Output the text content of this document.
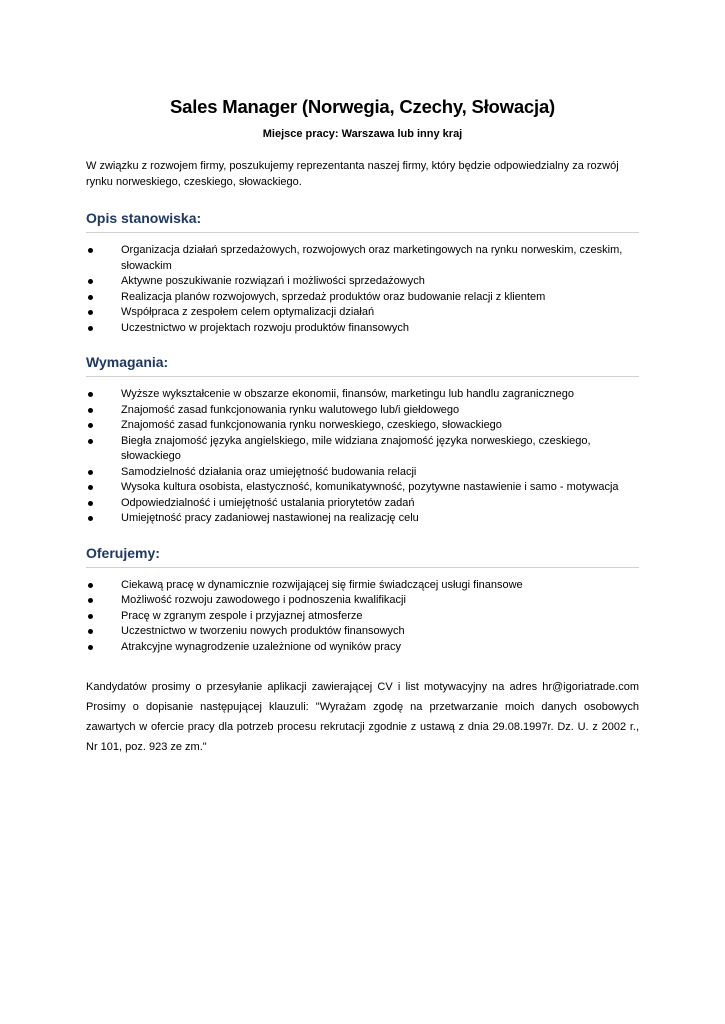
Sales Manager (Norwegia, Czechy, Słowacja)
Miejsce pracy: Warszawa lub inny kraj

W związku z rozwojem firmy, poszukujemy reprezentanta naszej firmy, który będzie odpowiedzialny za rozwój rynku norweskiego, czeskiego, słowackiego.

Opis stanowiska:
Organizacja działań sprzedażowych, rozwojowych oraz marketingowych na rynku norweskim, czeskim, słowackim
Aktywne poszukiwanie rozwiązań i możliwości sprzedażowych
Realizacja planów rozwojowych, sprzedaż produktów oraz budowanie relacji z klientem
Współpraca z zespołem celem optymalizacji działań
Uczestnictwo w projektach rozwoju produktów finansowych
Wymagania:
Wyższe wykształcenie w obszarze ekonomii, finansów, marketingu lub handlu zagranicznego
Znajomość zasad funkcjonowania rynku walutowego lub/i giełdowego
Znajomość zasad funkcjonowania rynku norweskiego, czeskiego, słowackiego
Biegła znajomość języka angielskiego, mile widziana znajomość języka norweskiego, czeskiego, słowackiego
Samodzielność działania oraz umiejętność budowania relacji
Wysoka kultura osobista, elastyczność, komunikatywność, pozytywne nastawienie i samo - motywacja
Odpowiedzialność i umiejętność ustalania priorytetów zadań
Umiejętność pracy zadaniowej nastawionej na realizację celu
Oferujemy:
Ciekawą pracę w dynamicznie rozwijającej się firmie świadczącej usługi finansowe
Możliwość rozwoju zawodowego i podnoszenia kwalifikacji
Pracę w zgranym zespole i przyjaznej atmosferze
Uczestnictwo w tworzeniu nowych produktów finansowych
Atrakcyjne wynagrodzenie uzależnione od wyników pracy

Kandydatów prosimy o przesyłanie aplikacji zawierającej CV i list motywacyjny na adres hr@igoriatrade.com Prosimy o dopisanie następującej klauzuli: "Wyrażam zgodę na przetwarzanie moich danych osobowych zawartych w ofercie pracy dla potrzeb procesu rekrutacji zgodnie z ustawą z dnia 29.08.1997r. Dz. U. z 2002 r., Nr 101, poz. 923 ze zm."
